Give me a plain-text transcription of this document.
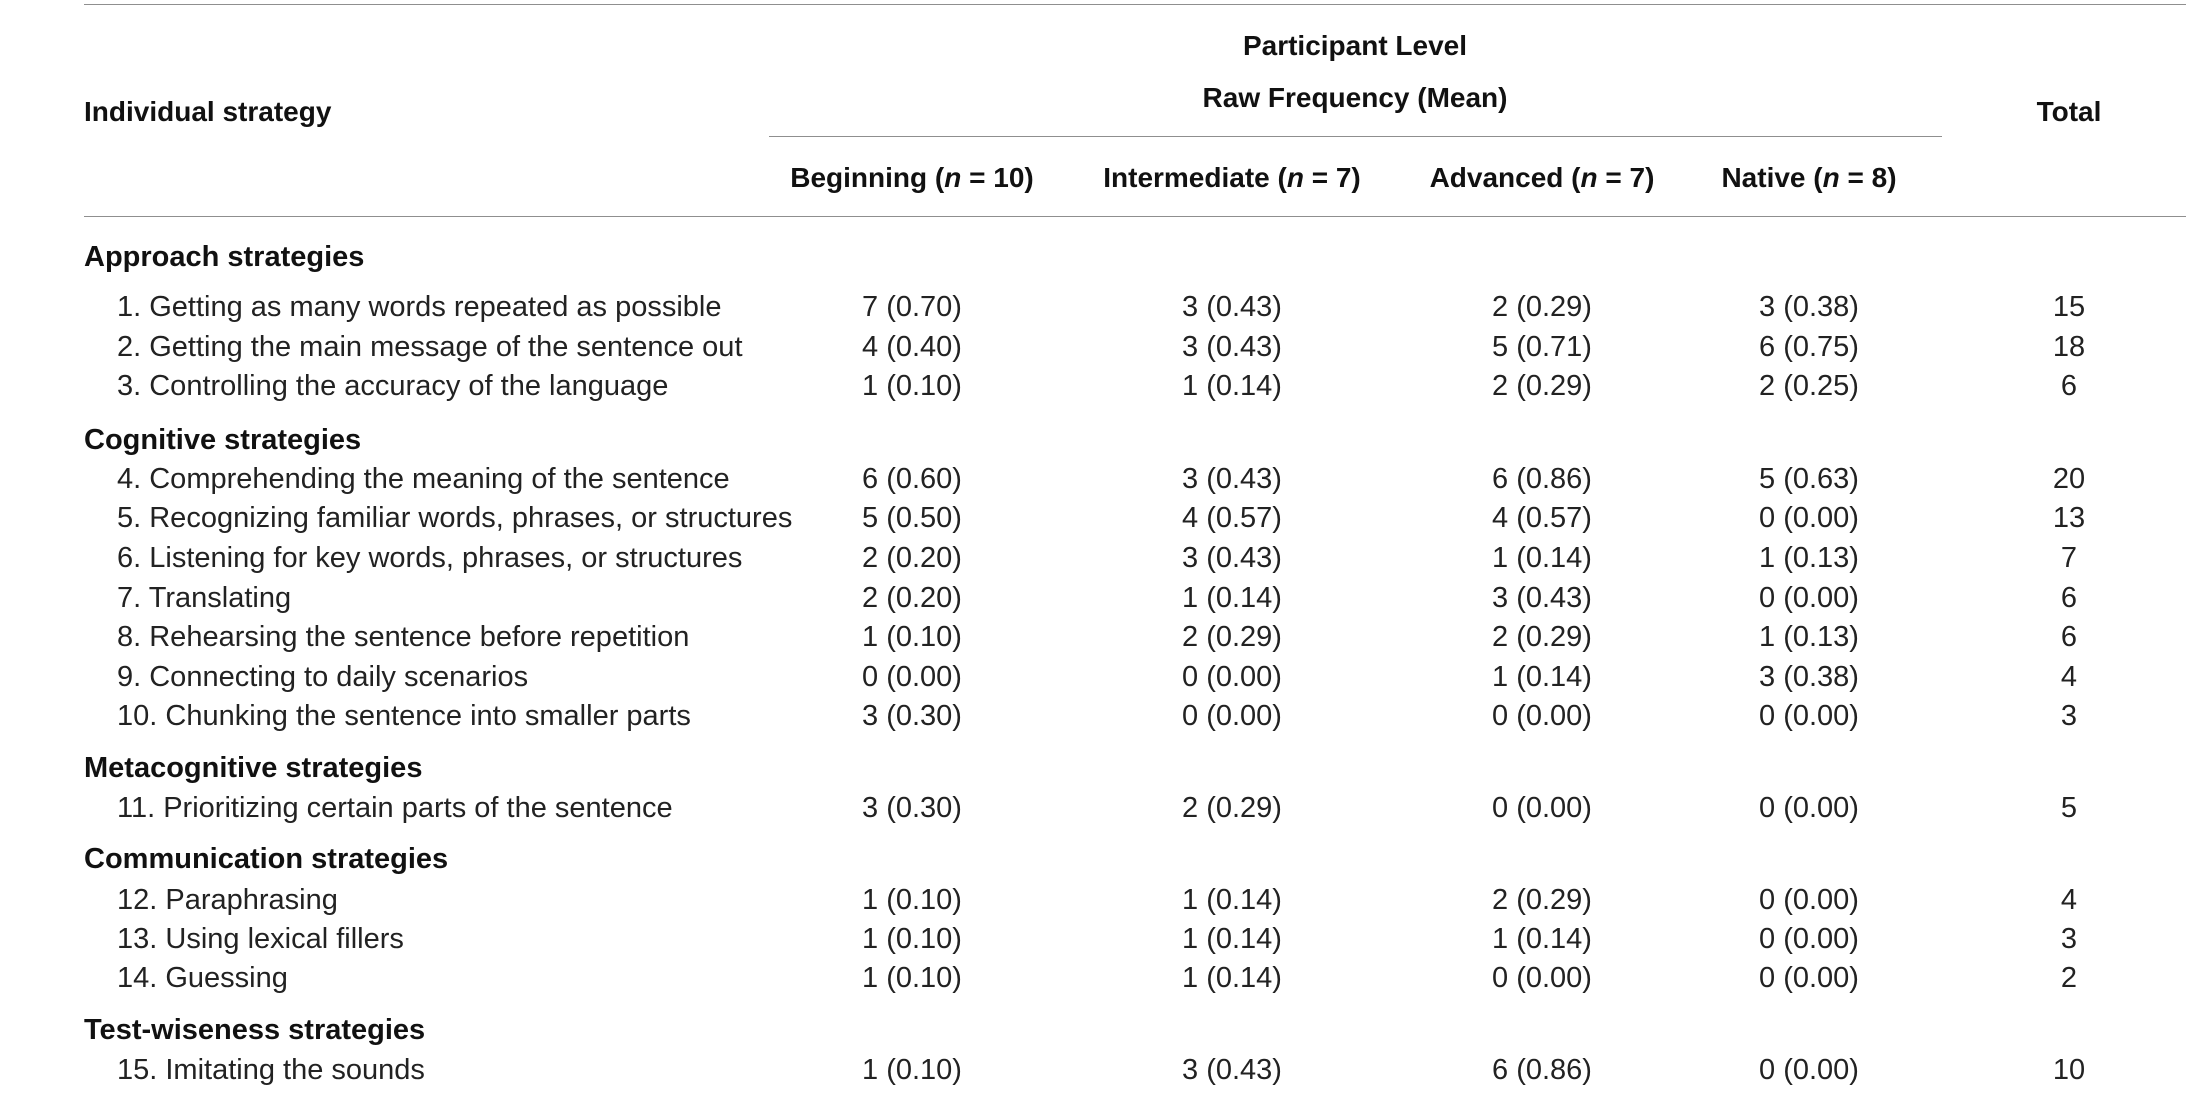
Individual strategy
Participant Level
Raw Frequency (Mean)	Total
Beginning (n = 10) Intermediate (n = 7) Advanced (n = 7) Native (n = 8)
Approach strategies
1. Getting as many words repeated as possible	7 (0.70)	3 (0.43)	2 (0.29)	3 (0.38)	15
2. Getting the main message of the sentence out	4 (0.40)	3 (0.43)	5 (0.71)	6 (0.75)	18
3. Controlling the accuracy of the language	1 (0.10)	1 (0.14)	2 (0.29)	2 (0.25)	6
Cognitive strategies
4. Comprehending the meaning of the sentence	6 (0.60)	3 (0.43)	6 (0.86)	5 (0.63)	20
5. Recognizing familiar words, phrases, or structures 5 (0.50)	4 (0.57)	4 (0.57)	0 (0.00)	13
6. Listening for key words, phrases, or structures	2 (0.20)	3 (0.43)	1 (0.14)	1 (0.13)	7
7. Translating	2 (0.20)	1 (0.14)	3 (0.43)	0 (0.00)	6
8. Rehearsing the sentence before repetition	1 (0.10)	2 (0.29)	2 (0.29)	1 (0.13)	6
9. Connecting to daily scenarios	0 (0.00)	0 (0.00)	1 (0.14)	3 (0.38)	4
10. Chunking the sentence into smaller parts	3 (0.30)	0 (0.00)	0 (0.00)	0 (0.00)	3
Metacognitive strategies
11. Prioritizing certain parts of the sentence	3 (0.30)	2 (0.29)	0 (0.00)	0 (0.00)	5
Communication strategies
12. Paraphrasing	1 (0.10)	1 (0.14)	2 (0.29)	0 (0.00)	4
13. Using lexical fillers	1 (0.10)	1 (0.14)	1 (0.14)	0 (0.00)	3
14. Guessing	1 (0.10)	1 (0.14)	0 (0.00)	0 (0.00)	2
Test-wiseness strategies
15. Imitating the sounds	1 (0.10)	3 (0.43)	6 (0.86)	0 (0.00)	10
